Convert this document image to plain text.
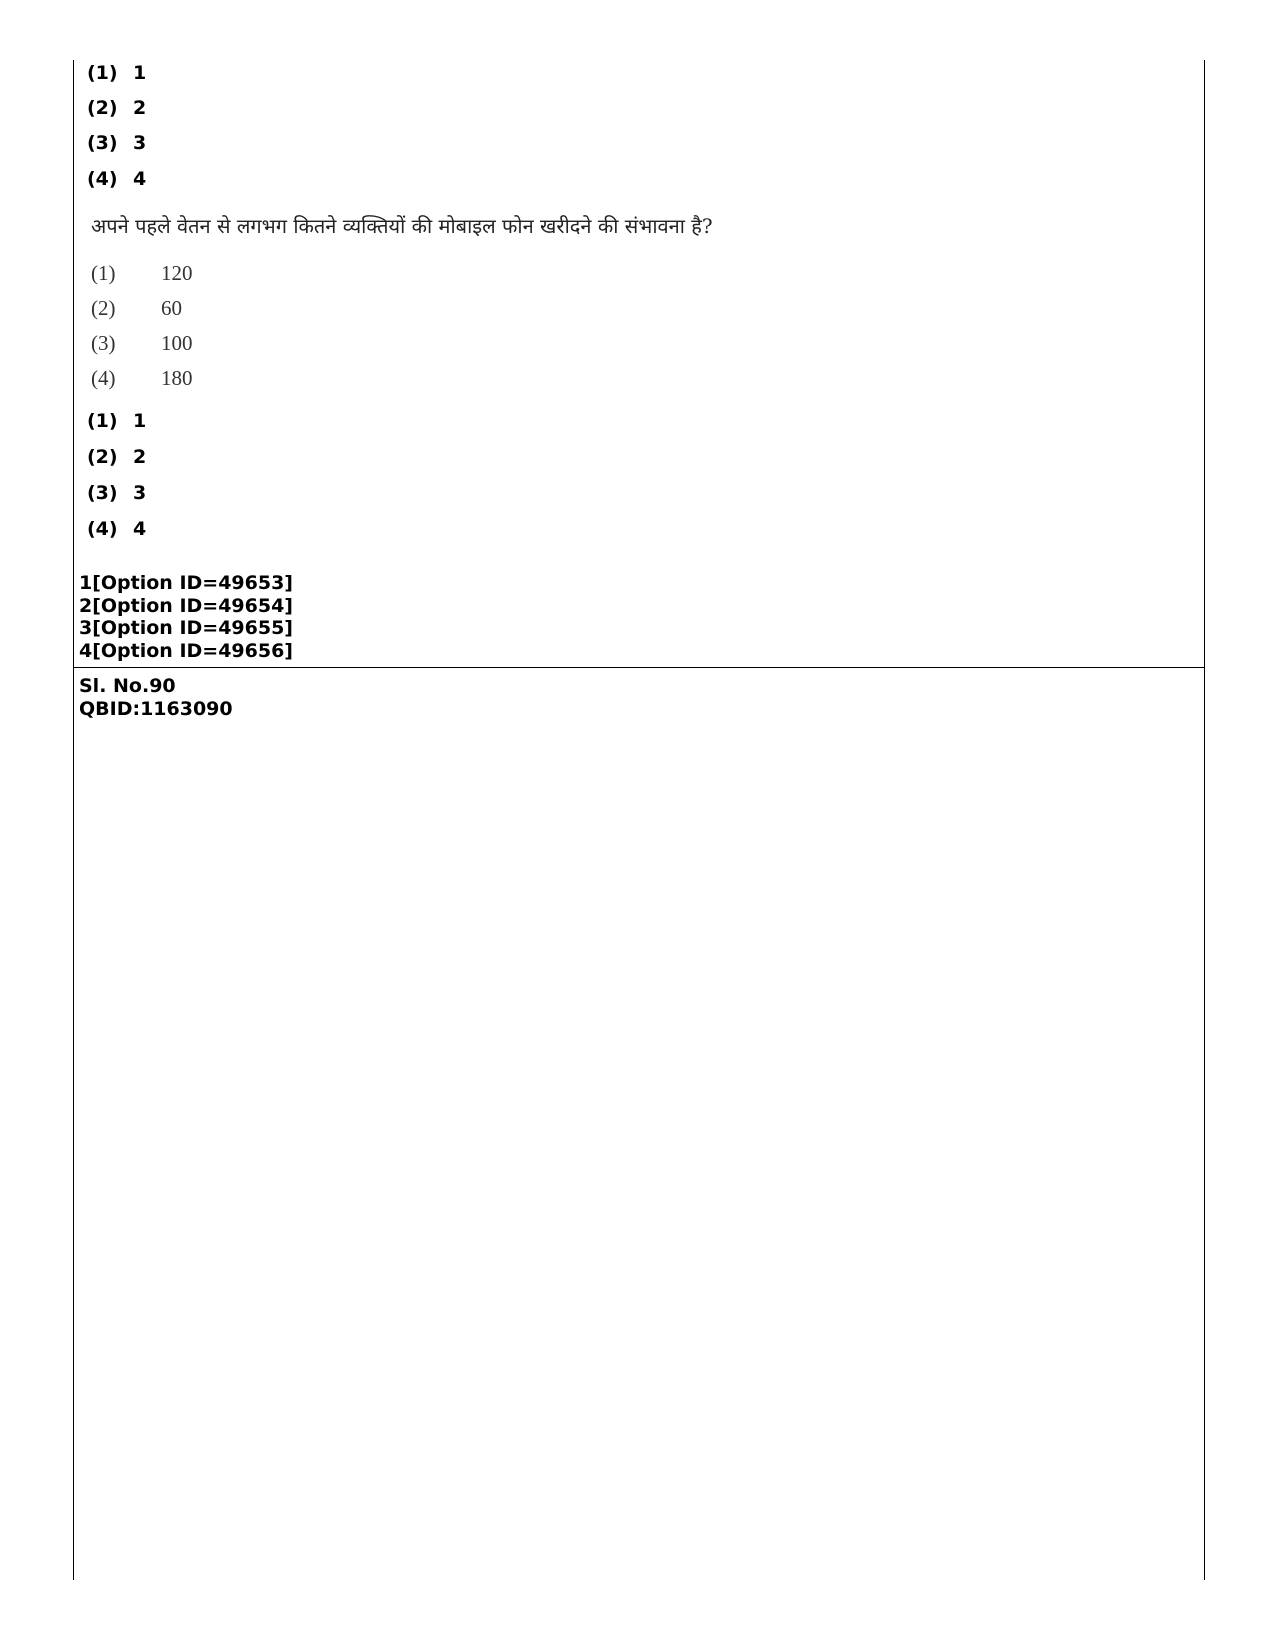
(1) 1
(2) 2
(3) 3
(4) 4
अपने पहले वेतन से लगभग कितने व्यक्तियों की मोबाइल फोन खरीदने की संभावना है?
(1) 120
(2) 60
(3) 100
(4) 180
(1) 1
(2) 2
(3) 3
(4) 4
1[Option ID=49653]
2[Option ID=49654]
3[Option ID=49655]
4[Option ID=49656]
Sl. No.90
QBID:1163090
